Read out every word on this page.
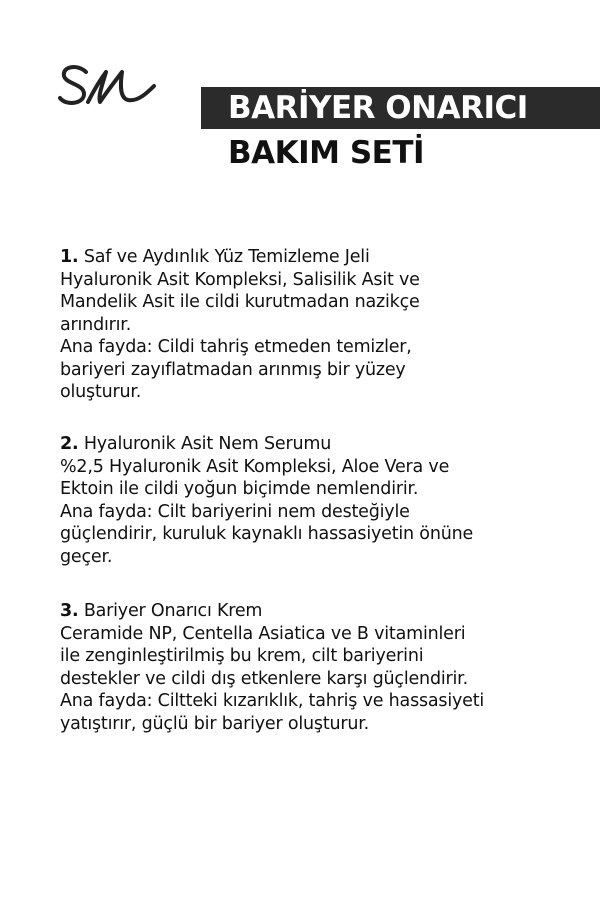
BARİYER ONARICI
BAKIM SETİ
1. Saf ve Aydınlık Yüz Temizleme Jeli
Hyaluronik Asit Kompleksi, Salisilik Asit ve
Mandelik Asit ile cildi kurutmadan nazikçe
arındırır.
Ana fayda: Cildi tahriş etmeden temizler,
bariyeri zayıflatmadan arınmış bir yüzey
oluşturur.
2. Hyaluronik Asit Nem Serumu
%2,5 Hyaluronik Asit Kompleksi, Aloe Vera ve
Ektoin ile cildi yoğun biçimde nemlendirir.
Ana fayda: Cilt bariyerini nem desteğiyle
güçlendirir, kuruluk kaynaklı hassasiyetin önüne
geçer.
3. Bariyer Onarıcı Krem
Ceramide NP, Centella Asiatica ve B vitaminleri
ile zenginleştirilmiş bu krem, cilt bariyerini
destekler ve cildi dış etkenlere karşı güçlendirir.
Ana fayda: Ciltteki kızarıklık, tahriş ve hassasiyeti
yatıştırır, güçlü bir bariyer oluşturur.
